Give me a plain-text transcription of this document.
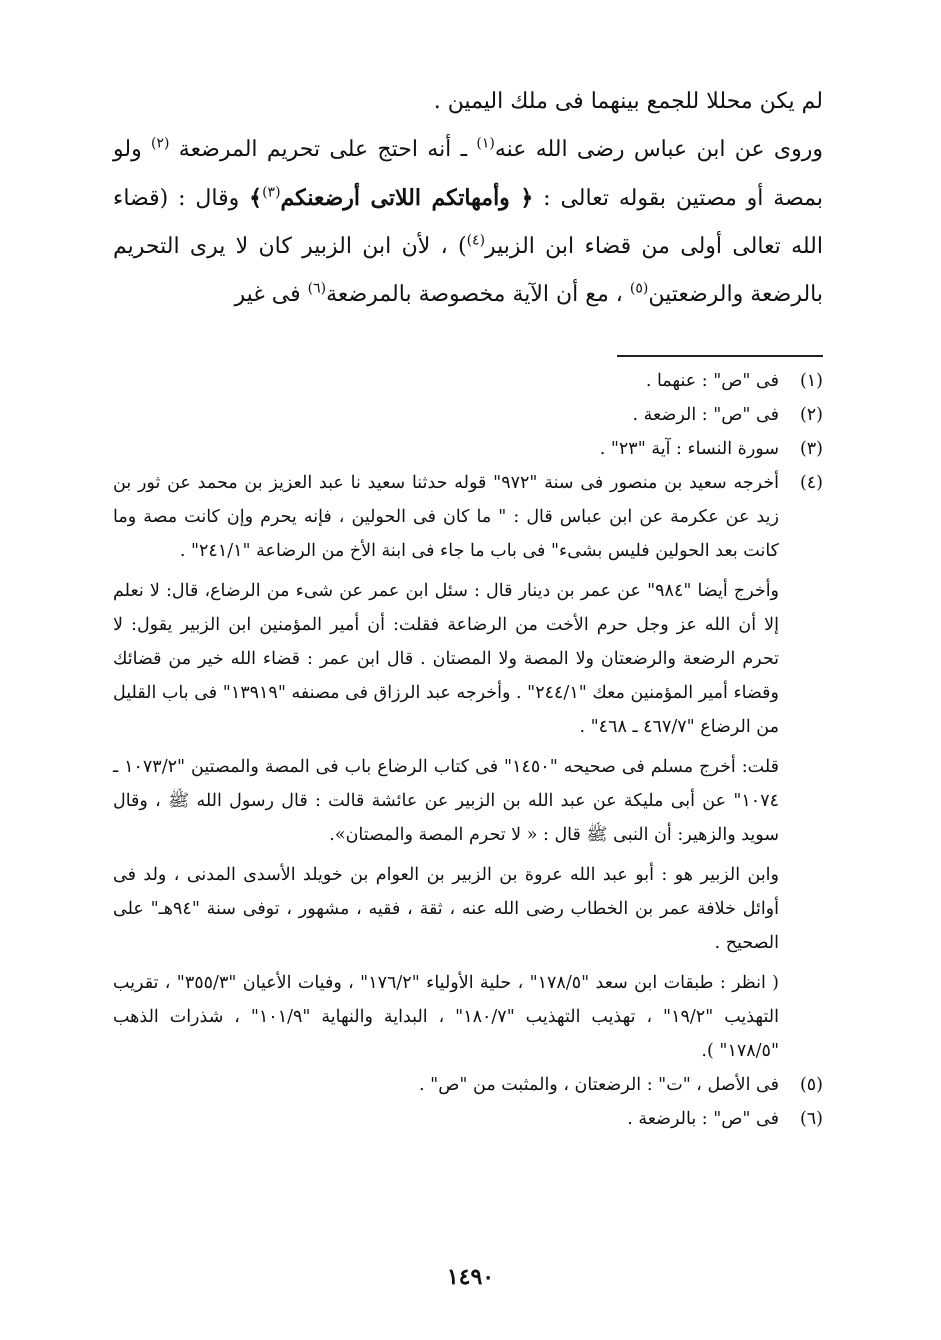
لم يكن محللا للجمع بينهما فى ملك اليمين .

وروى عن ابن عباس رضى الله عنه$^{(١)}$ ـ أنه احتج على تحريم المرضعة $^{(٢)}$ ولو بمصة أو مصتين بقوله تعالى : ﴿ وأمهاتكم اللاتى أرضعنكم$^{(٣)}$﴾ وقال : (قضاء الله تعالى أولى من قضاء ابن الزبير$^{(٤)}$) ، لأن ابن الزبير كان لا يرى التحريم بالرضعة والرضعتين$^{(٥)}$ ، مع أن الآية مخصوصة بالمرضعة$^{(٦)}$ فى غير

(١)

فى "ص" : عنهما .

(٢)

فى "ص" : الرضعة .

(٣)

سورة النساء : آية "٢٣" .

(٤)

أخرجه سعيد بن منصور فى سنة "٩٧٢" قوله حدثنا سعيد نا عبد العزيز بن محمد عن ثور بن زيد عن عكرمة عن ابن عباس قال : " ما كان فى الحولين ، فإنه يحرم وإن كانت مصة وما كانت بعد الحولين فليس بشىء" فى باب ما جاء فى ابنة الأخ من الرضاعة "٢٤١/١" .

وأخرج أيضا "٩٨٤" عن عمر بن دينار قال : سئل ابن عمر عن شىء من الرضاع، قال: لا نعلم إلا أن الله عز وجل حرم الأخت من الرضاعة فقلت: أن أمير المؤمنين ابن الزبير يقول: لا تحرم الرضعة والرضعتان ولا المصة ولا المصتان . قال ابن عمر : قضاء الله خير من قضائك وقضاء أمير المؤمنين معك "٢٤٤/١" . وأخرجه عبد الرزاق فى مصنفه "١٣٩١٩" فى باب القليل من الرضاع "٤٦٧/٧ ـ ٤٦٨" .

قلت: أخرج مسلم فى صحيحه "١٤٥٠" فى كتاب الرضاع باب فى المصة والمصتين "١٠٧٣/٢ ـ ١٠٧٤" عن أبى مليكة عن عبد الله بن الزبير عن عائشة قالت : قال رسول الله ﷺ ، وقال سويد والزهير: أن النبى ﷺ قال : « لا تحرم المصة والمصتان».

وابن الزبير هو : أبو عبد الله عروة بن الزبير بن العوام بن خويلد الأسدى المدنى ، ولد فى أوائل خلافة عمر بن الخطاب رضى الله عنه ، ثقة ، فقيه ، مشهور ، توفى سنة "٩٤هـ" على الصحيح .

( انظر : طبقات ابن سعد "١٧٨/٥" ، حلية الأولياء "١٧٦/٢" ، وفيات الأعيان "٣٥٥/٣" ، تقريب التهذيب "١٩/٢" ، تهذيب التهذيب "١٨٠/٧" ، البداية والنهاية "١٠١/٩" ، شذرات الذهب "١٧٨/٥" ).

(٥)

فى الأصل ، "ت" : الرضعتان ، والمثبت من "ص" .

(٦)

فى "ص" : بالرضعة .

١٤٩٠
